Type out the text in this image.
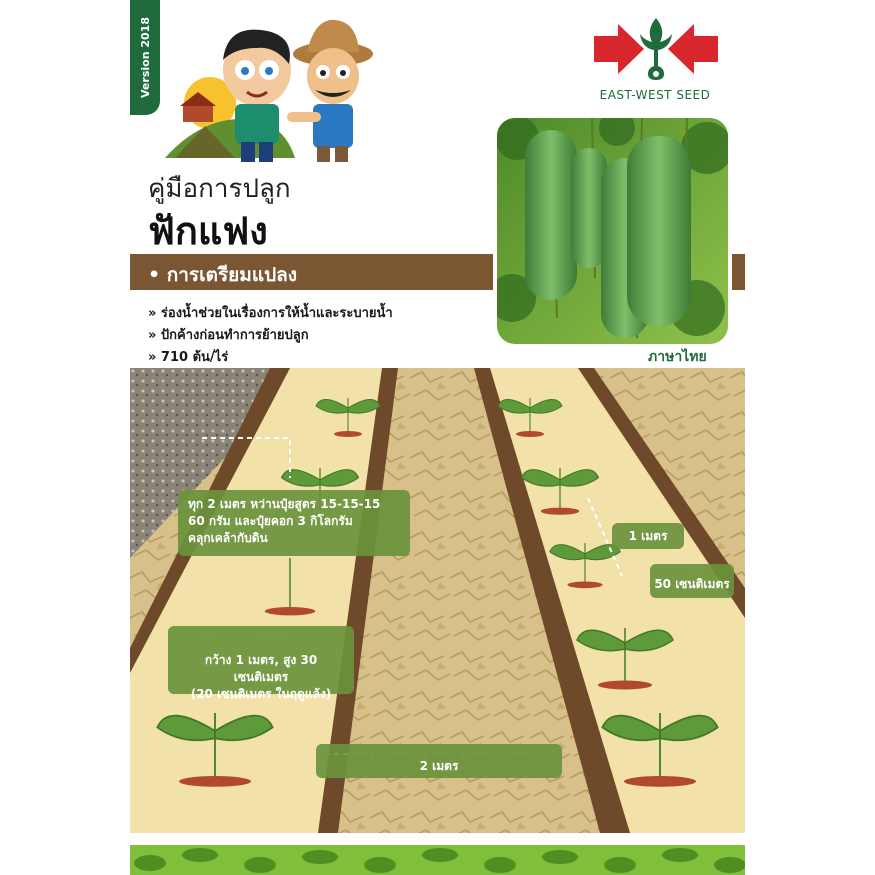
Version 2018	EAST-WEST SEED
คู่มือการปลูก
ฟักแฟง
• การเตรียมแปลง
» ร่องน้ำช่วยในเรื่องการให้น้ำและระบายน้ำ
» ปักค้างก่อนทำการย้ายปลูก
» 710 ต้น/ไร่	ภาษาไทย
ทุก 2 เมตร หว่านปุ๋ยสูตร 15-15-15
60 กรัม และปุ๋ยคอก 3 กิโลกรัม
คลุกเคล้ากับดิน
กว้าง 1 เมตร, สูง 30 เซนติเมตร
(20 เซนติเมตร ในฤดูแล้ง)
1 เมตร
50 เซนติเมตร
2 เมตร
